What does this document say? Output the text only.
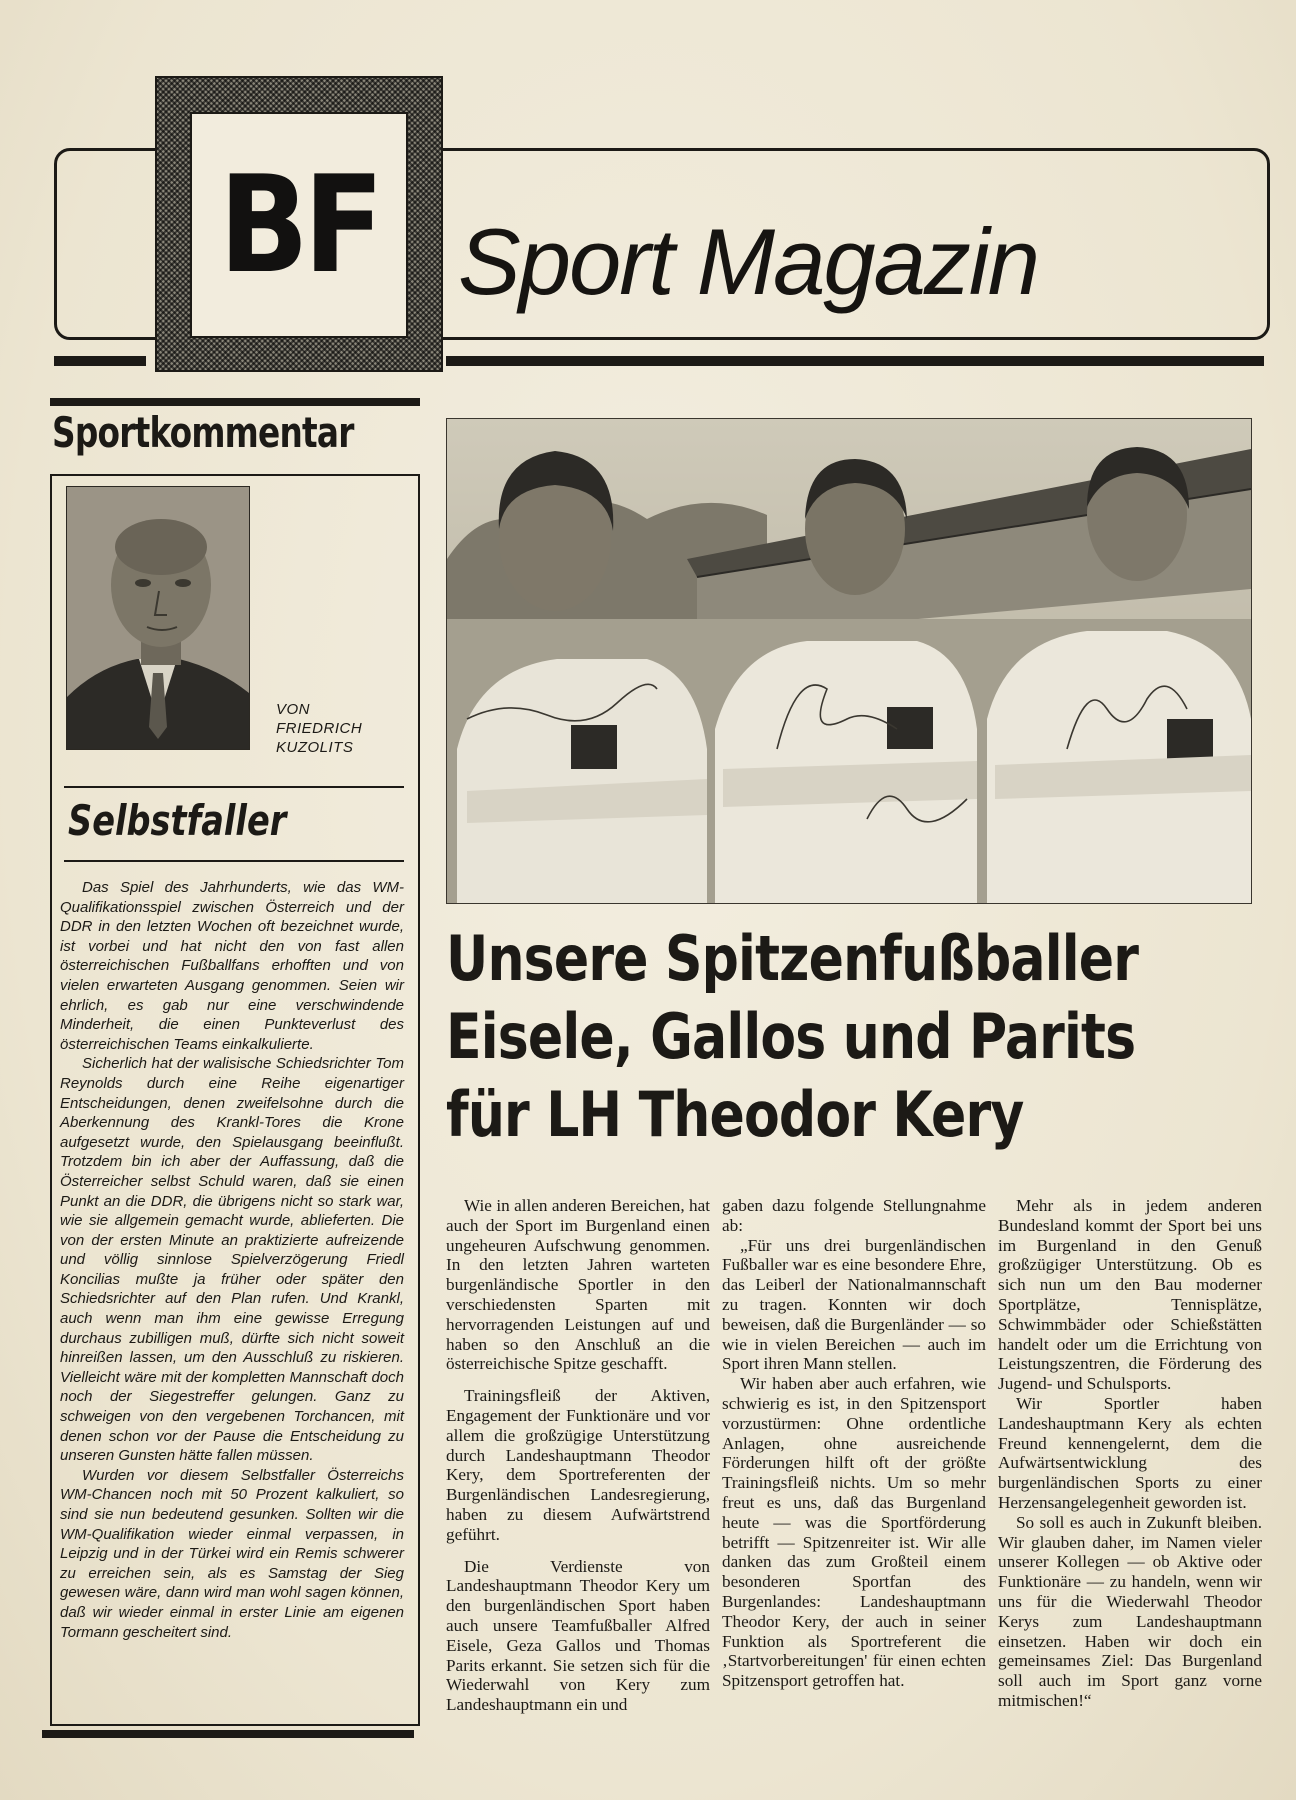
BF Sport Magazin
Sportkommentar
VON
FRIEDRICH
KUZOLITS
Selbstfaller

Das Spiel des Jahrhunderts, wie das WM-Qualifikationsspiel zwischen Österreich und der DDR in den letzten Wochen oft bezeichnet wurde, ist vorbei und hat nicht den von fast allen österreichischen Fußballfans erhofften und von vielen erwarteten Ausgang genommen. Seien wir ehrlich, es gab nur eine verschwindende Minderheit, die einen Punkteverlust des österreichischen Teams einkalkulierte.

Sicherlich hat der walisische Schiedsrichter Tom Reynolds durch eine Reihe eigenartiger Entscheidungen, denen zweifelsohne durch die Aberkennung des Krankl-Tores die Krone aufgesetzt wurde, den Spielausgang beeinflußt. Trotzdem bin ich aber der Auffassung, daß die Österreicher selbst Schuld waren, daß sie einen Punkt an die DDR, die übrigens nicht so stark war, wie sie allgemein gemacht wurde, ablieferten. Die von der ersten Minute an praktizierte aufreizende und völlig sinnlose Spielverzögerung Friedl Koncilias mußte ja früher oder später den Schiedsrichter auf den Plan rufen. Und Krankl, auch wenn man ihm eine gewisse Erregung durchaus zubilligen muß, dürfte sich nicht soweit hinreißen lassen, um den Ausschluß zu riskieren. Vielleicht wäre mit der kompletten Mannschaft doch noch der Siegestreffer gelungen. Ganz zu schweigen von den vergebenen Torchancen, mit denen schon vor der Pause die Entscheidung zu unseren Gunsten hätte fallen müssen.

Wurden vor diesem Selbstfaller Österreichs WM-Chancen noch mit 50 Prozent kalkuliert, so sind sie nun bedeutend gesunken. Sollten wir die WM-Qualifikation wieder einmal verpassen, in Leipzig und in der Türkei wird ein Remis schwerer zu erreichen sein, als es Samstag der Sieg gewesen wäre, dann wird man wohl sagen können, daß wir wieder einmal in erster Linie am eigenen Tormann gescheitert sind.

Unsere Spitzenfußballer
Eisele, Gallos und Parits
für LH Theodor Kery

Wie in allen anderen Bereichen, hat auch der Sport im Burgenland einen ungeheuren Aufschwung genommen. In den letzten Jahren warteten burgenländische Sportler in den verschiedensten Sparten mit hervorragenden Leistungen auf und haben so den Anschluß an die österreichische Spitze geschafft.

Trainingsfleiß der Aktiven, Engagement der Funktionäre und vor allem die großzügige Unterstützung durch Landeshauptmann Theodor Kery, dem Sportreferenten der Burgenländischen Landesregierung, haben zu diesem Aufwärtstrend geführt.

Die Verdienste von Landeshauptmann Theodor Kery um den burgenländischen Sport haben auch unsere Teamfußballer Alfred Eisele, Geza Gallos und Thomas Parits erkannt. Sie setzen sich für die Wiederwahl von Kery zum Landeshauptmann ein und

gaben dazu folgende Stellungnahme ab:

„Für uns drei burgenländischen Fußballer war es eine besondere Ehre, das Leiberl der Nationalmannschaft zu tragen. Konnten wir doch beweisen, daß die Burgenländer — so wie in vielen Bereichen — auch im Sport ihren Mann stellen.

Wir haben aber auch erfahren, wie schwierig es ist, in den Spitzensport vorzustürmen: Ohne ordentliche Anlagen, ohne ausreichende Förderungen hilft oft der größte Trainingsfleiß nichts. Um so mehr freut es uns, daß das Burgenland heute — was die Sportförderung betrifft — Spitzenreiter ist. Wir alle danken das zum Großteil einem besonderen Sportfan des Burgenlandes: Landeshauptmann Theodor Kery, der auch in seiner Funktion als Sportreferent die ‚Startvorbereitungen' für einen echten Spitzensport getroffen hat.

Mehr als in jedem anderen Bundesland kommt der Sport bei uns im Burgenland in den Genuß großzügiger Unterstützung. Ob es sich nun um den Bau moderner Sportplätze, Tennisplätze, Schwimmbäder oder Schießstätten handelt oder um die Errichtung von Leistungszentren, die Förderung des Jugend- und Schulsports.

Wir Sportler haben Landeshauptmann Kery als echten Freund kennengelernt, dem die Aufwärtsentwicklung des burgenländischen Sports zu einer Herzensangelegenheit geworden ist.

So soll es auch in Zukunft bleiben. Wir glauben daher, im Namen vieler unserer Kollegen — ob Aktive oder Funktionäre — zu handeln, wenn wir uns für die Wiederwahl Theodor Kerys zum Landeshauptmann einsetzen. Haben wir doch ein gemeinsames Ziel: Das Burgenland soll auch im Sport ganz vorne mitmischen!“
